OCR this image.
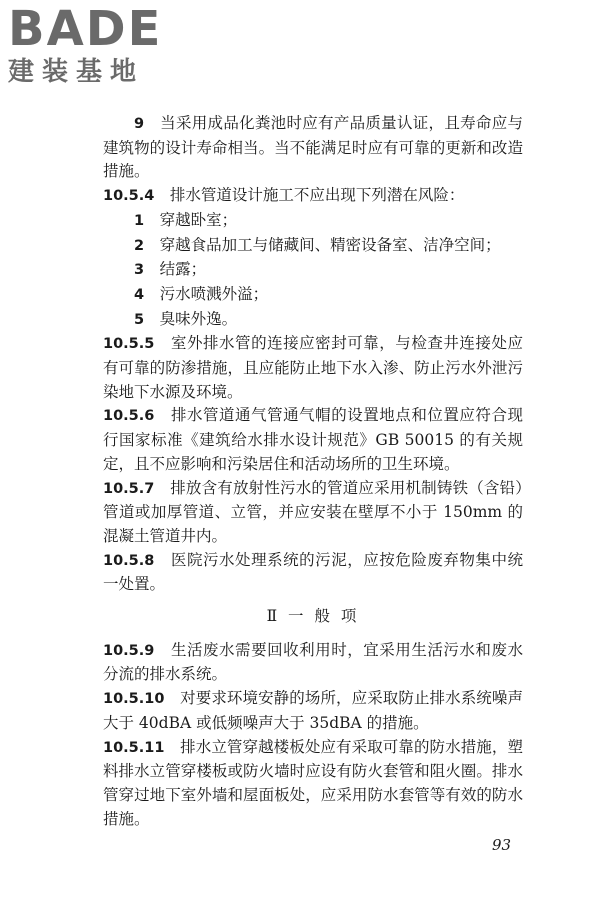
BADE
建装基地

9　 当采用成品化粪池时应有产品质量认证，且寿命应与建筑物的设计寿命相当。当不能满足时应有可靠的更新和改造措施。

10.5.4　 排水管道设计施工不应出现下列潜在风险：

1　 穿越卧室；

2　 穿越食品加工与储藏间、精密设备室、洁净空间；

3　 结露；

4　 污水喷溅外溢；

5　 臭味外逸。

10.5.5　 室外排水管的连接应密封可靠，与检查井连接处应有可靠的防渗措施，且应能防止地下水入渗、防止污水外泄污染地下水源及环境。

10.5.6　 排水管道通气管通气帽的设置地点和位置应符合现行国家标准《建筑给水排水设计规范》GB 50015 的有关规定，且不应影响和污染居住和活动场所的卫生环境。

10.5.7　 排放含有放射性污水的管道应采用机制铸铁（含铅）管道或加厚管道、立管，并应安装在壁厚不小于 150mm 的混凝土管道井内。

10.5.8　 医院污水处理系统的污泥，应按危险废弃物集中统一处置。

Ⅱ 一 般 项

10.5.9　 生活废水需要回收利用时，宜采用生活污水和废水分流的排水系统。

10.5.10　 对要求环境安静的场所，应采取防止排水系统噪声大于 40dBA 或低频噪声大于 35dBA 的措施。

10.5.11　 排水立管穿越楼板处应有采取可靠的防水措施，塑料排水立管穿楼板或防火墙时应设有防火套管和阻火圈。排水管穿过地下室外墙和屋面板处，应采用防水套管等有效的防水措施。

93
